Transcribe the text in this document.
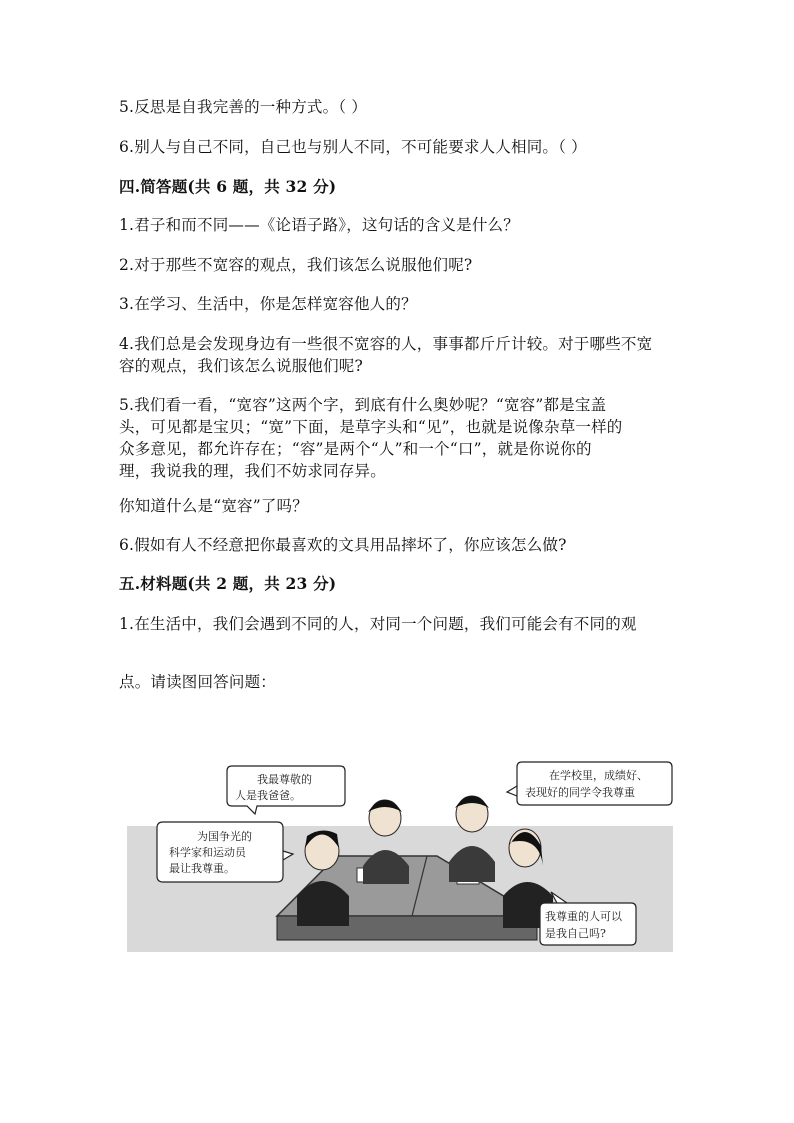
5.反思是自我完善的一种方式。（ ）
6.别人与自己不同，自己也与别人不同，不可能要求人人相同。（ ）
四.简答题(共 6 题，共 32 分)
1.君子和而不同——《论语子路》，这句话的含义是什么？
2.对于那些不宽容的观点，我们该怎么说服他们呢?
3.在学习、生活中，你是怎样宽容他人的？
4.我们总是会发现身边有一些很不宽容的人，事事都斤斤计较。对于哪些不宽
容的观点，我们该怎么说服他们呢?
5.我们看一看，“宽容”这两个字，到底有什么奥妙呢？“宽容”都是宝盖
头，可见都是宝贝；“宽”下面，是草字头和“见”，也就是说像杂草一样的
众多意见，都允许存在；“容”是两个“人”和一个“口”，就是你说你的
理，我说我的理，我们不妨求同存异。
你知道什么是“宽容”了吗？
6.假如有人不经意把你最喜欢的文具用品摔坏了，你应该怎么做?
五.材料题(共 2 题，共 23 分)
1.在生活中，我们会遇到不同的人，对同一个问题，我们可能会有不同的观
点。请读图回答问题：
我最尊敬的
人是我爸爸。
为国争光的
科学家和运动员
最让我尊重。
在学校里，成绩好、
表现好的同学令我尊重
我尊重的人可以
是我自己吗?
